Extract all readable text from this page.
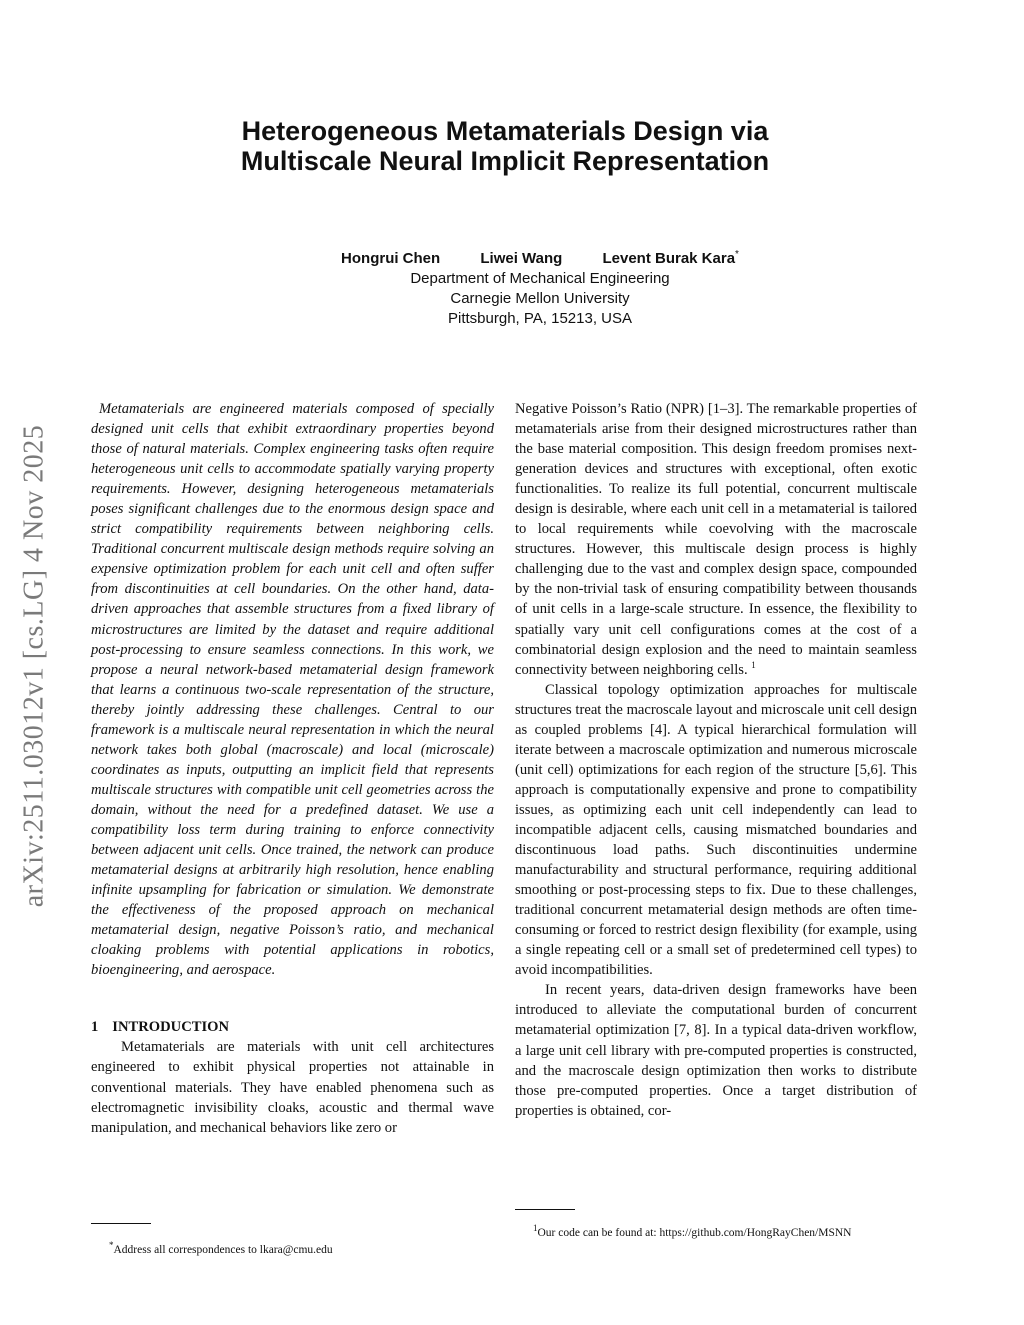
arXiv:2511.03012v1 [cs.LG] 4 Nov 2025
Heterogeneous Metamaterials Design via
Multiscale Neural Implicit Representation
Hongrui Chen	Liwei Wang	Levent Burak Kara*
Department of Mechanical Engineering
Carnegie Mellon University
Pittsburgh, PA, 15213, USA

Metamaterials are engineered materials composed of specially designed unit cells that exhibit extraordinary properties beyond those of natural materials. Complex engineering tasks often require heterogeneous unit cells to accommodate spatially varying property requirements. However, designing heterogeneous metamaterials poses significant challenges due to the enormous design space and strict compatibility requirements between neighboring cells. Traditional concurrent multiscale design methods require solving an expensive optimization problem for each unit cell and often suffer from discontinuities at cell boundaries. On the other hand, data-driven approaches that assemble structures from a fixed library of microstructures are limited by the dataset and require additional post-processing to ensure seamless connections. In this work, we propose a neural network-based metamaterial design framework that learns a continuous two-scale representation of the structure, thereby jointly addressing these challenges. Central to our framework is a multiscale neural representation in which the neural network takes both global (macroscale) and local (microscale) coordinates as inputs, outputting an implicit field that represents multiscale structures with compatible unit cell geometries across the domain, without the need for a predefined dataset. We use a compatibility loss term during training to enforce connectivity between adjacent unit cells. Once trained, the network can produce metamaterial designs at arbitrarily high resolution, hence enabling infinite upsampling for fabrication or simulation. We demonstrate the effectiveness of the proposed approach on mechanical metamaterial design, negative Poisson’s ratio, and mechanical cloaking problems with potential applications in robotics, bioengineering, and aerospace.

1 INTRODUCTION

Metamaterials are materials with unit cell architectures engineered to exhibit physical properties not attainable in conventional materials. They have enabled phenomena such as electromagnetic invisibility cloaks, acoustic and thermal wave manipulation, and mechanical behaviors like zero or

Negative Poisson’s Ratio (NPR) [1–3]. The remarkable properties of metamaterials arise from their designed microstructures rather than the base material composition. This design freedom promises next-generation devices and structures with exceptional, often exotic functionalities. To realize its full potential, concurrent multiscale design is desirable, where each unit cell in a metamaterial is tailored to local requirements while coevolving with the macroscale structures. However, this multiscale design process is highly challenging due to the vast and complex design space, compounded by the non-trivial task of ensuring compatibility between thousands of unit cells in a large-scale structure. In essence, the flexibility to spatially vary unit cell configurations comes at the cost of a combinatorial design explosion and the need to maintain seamless connectivity between neighboring cells. $^1$

Classical topology optimization approaches for multiscale structures treat the macroscale layout and microscale unit cell design as coupled problems [4]. A typical hierarchical formulation will iterate between a macroscale optimization and numerous microscale (unit cell) optimizations for each region of the structure [5,6]. This approach is computationally expensive and prone to compatibility issues, as optimizing each unit cell independently can lead to incompatible adjacent cells, causing mismatched boundaries and discontinuous load paths. Such discontinuities undermine manufacturability and structural performance, requiring additional smoothing or post-processing steps to fix. Due to these challenges, traditional concurrent metamaterial design methods are often time-consuming or forced to restrict design flexibility (for example, using a single repeating cell or a small set of predetermined cell types) to avoid incompatibilities.

In recent years, data-driven design frameworks have been introduced to alleviate the computational burden of concurrent metamaterial optimization [7, 8]. In a typical data-driven workflow, a large unit cell library with pre-computed properties is constructed, and the macroscale design optimization then works to distribute those pre-computed properties. Once a target distribution of properties is obtained, cor-

*Address all correspondences to lkara@cmu.edu
$^1$Our code can be found at: https://github.com/HongRayChen/MSNN
